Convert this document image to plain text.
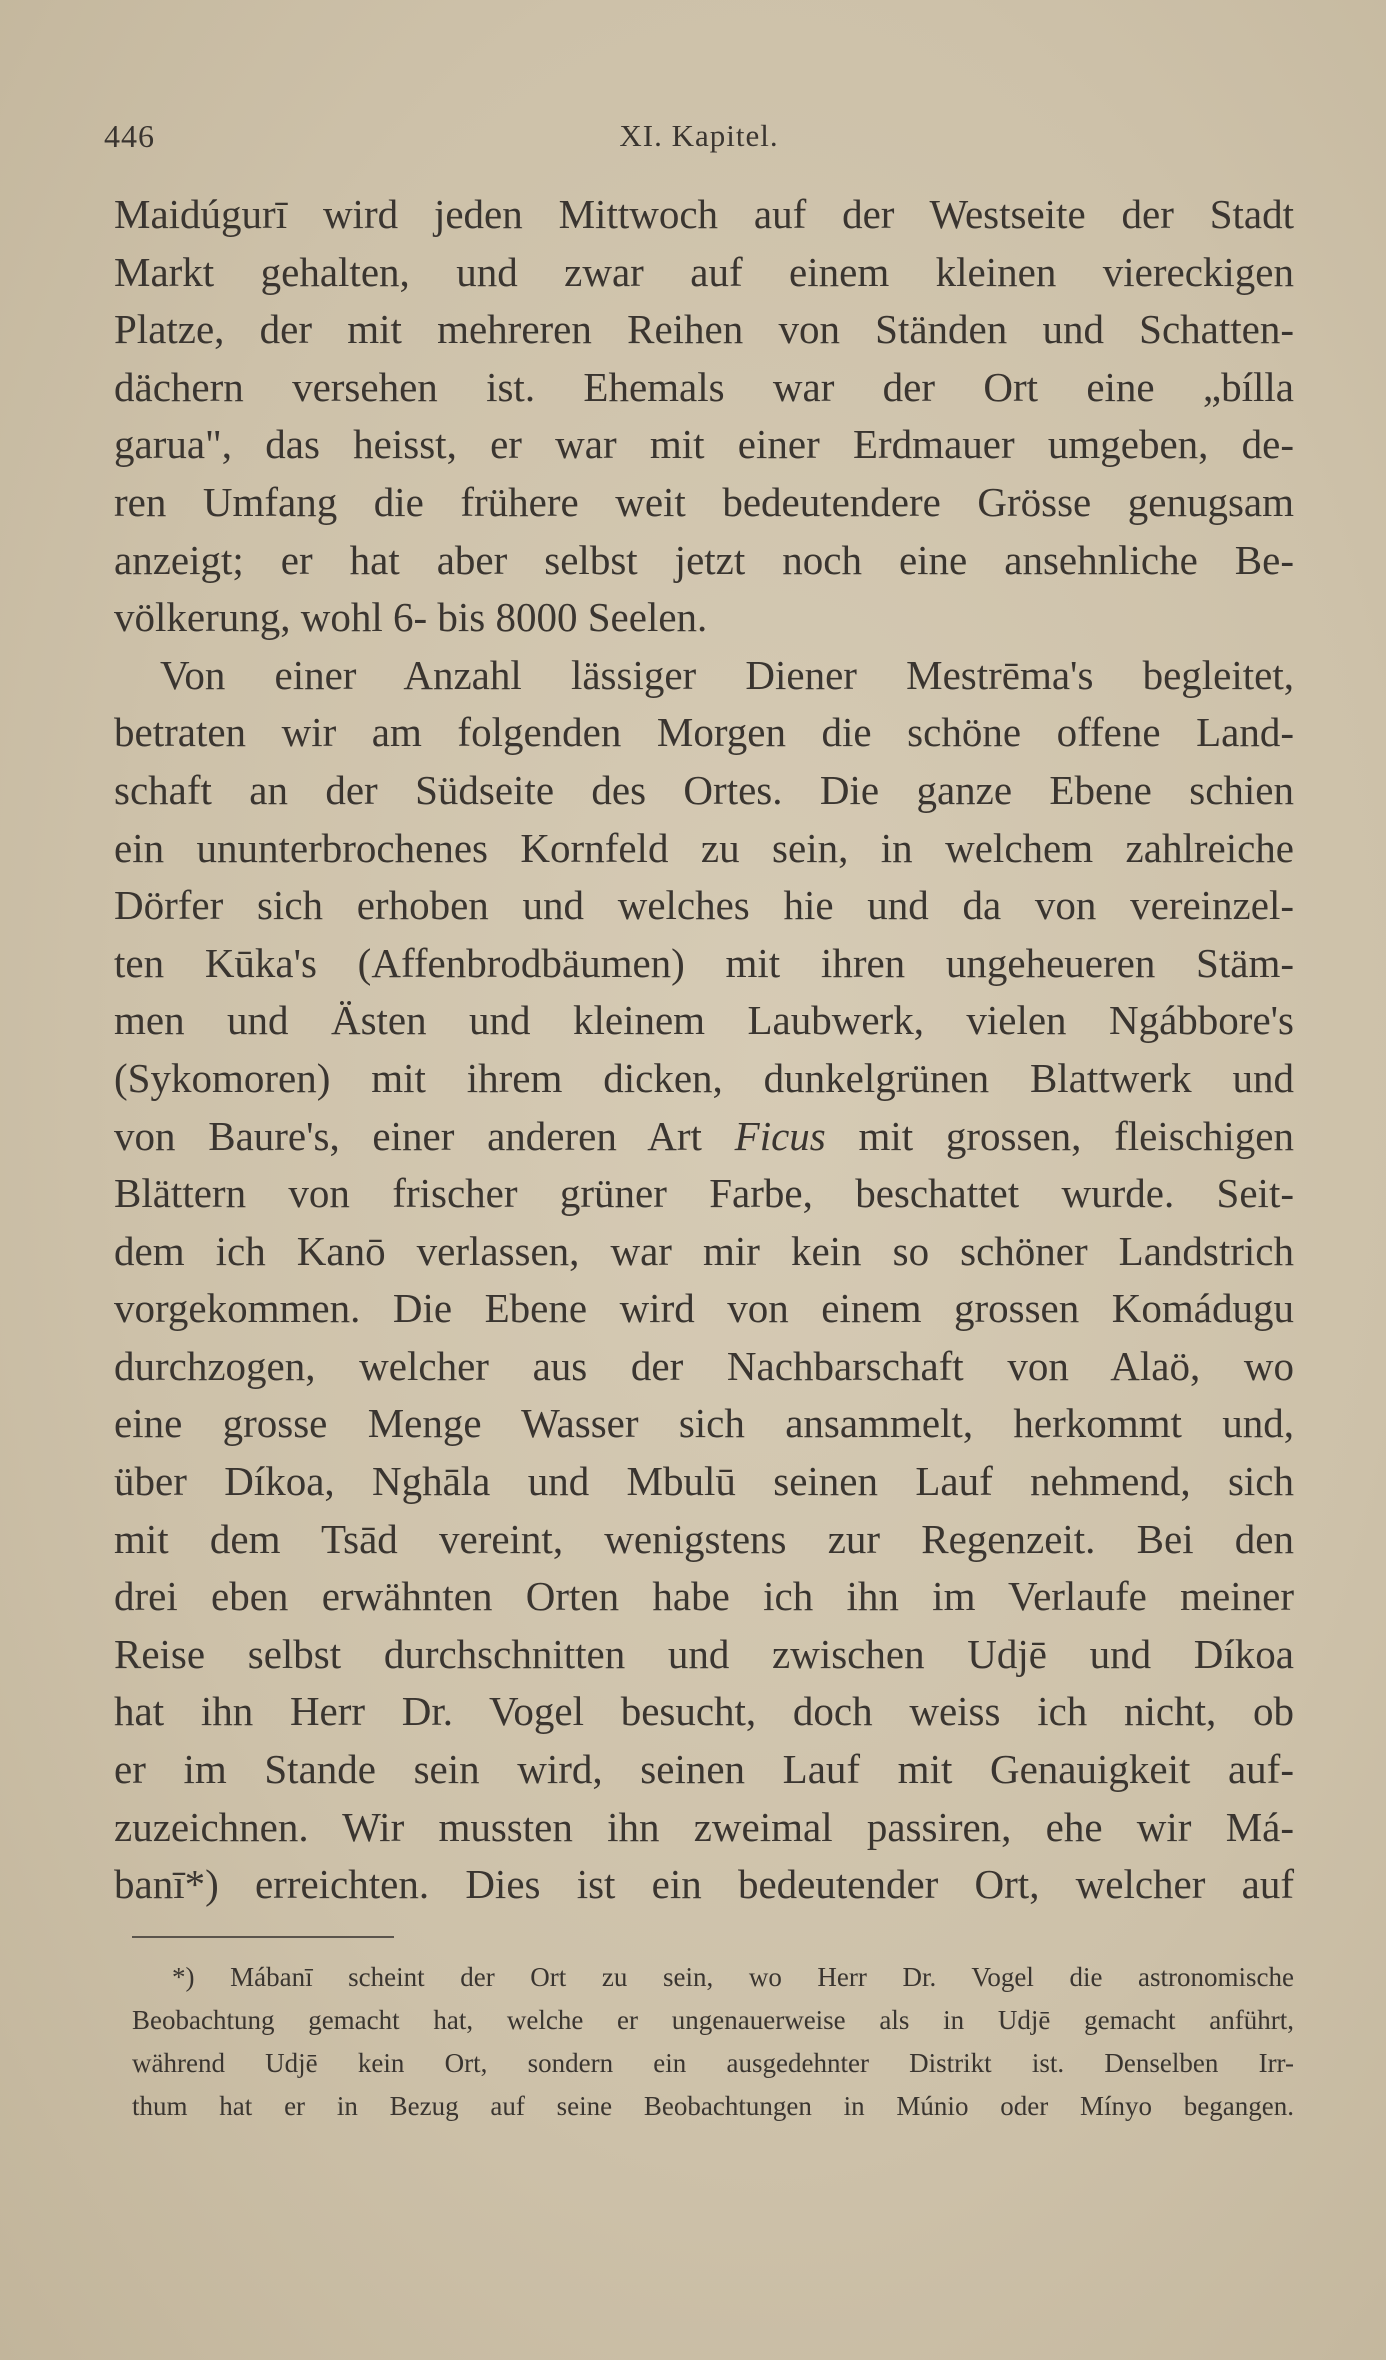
446	XI. Kapitel.
Maidúgurī wird jeden Mittwoch auf der Westseite der Stadt
Markt gehalten, und zwar auf einem kleinen viereckigen
Platze, der mit mehreren Reihen von Ständen und Schatten-
dächern versehen ist. Ehemals war der Ort eine „bílla
garua", das heisst, er war mit einer Erdmauer umgeben, de-
ren Umfang die frühere weit bedeutendere Grösse genugsam
anzeigt; er hat aber selbst jetzt noch eine ansehnliche Be-
völkerung, wohl 6- bis 8000 Seelen.
Von einer Anzahl lässiger Diener Mestrēma's begleitet,
betraten wir am folgenden Morgen die schöne offene Land-
schaft an der Südseite des Ortes. Die ganze Ebene schien
ein ununterbrochenes Kornfeld zu sein, in welchem zahlreiche
Dörfer sich erhoben und welches hie und da von vereinzel-
ten Kūka's (Affenbrodbäumen) mit ihren ungeheueren Stäm-
men und Ästen und kleinem Laubwerk, vielen Ngábbore's
(Sykomoren) mit ihrem dicken, dunkelgrünen Blattwerk und
von Baure's, einer anderen Art Ficus mit grossen, fleischigen
Blättern von frischer grüner Farbe, beschattet wurde. Seit-
dem ich Kanō verlassen, war mir kein so schöner Landstrich
vorgekommen. Die Ebene wird von einem grossen Komádugu
durchzogen, welcher aus der Nachbarschaft von Alaö, wo
eine grosse Menge Wasser sich ansammelt, herkommt und,
über Díkoa, Nghāla und Mbulū seinen Lauf nehmend, sich
mit dem Tsād vereint, wenigstens zur Regenzeit. Bei den
drei eben erwähnten Orten habe ich ihn im Verlaufe meiner
Reise selbst durchschnitten und zwischen Udjē und Díkoa
hat ihn Herr Dr. Vogel besucht, doch weiss ich nicht, ob
er im Stande sein wird, seinen Lauf mit Genauigkeit auf-
zuzeichnen. Wir mussten ihn zweimal passiren, ehe wir Má-
banī*) erreichten. Dies ist ein bedeutender Ort, welcher auf
*) Mábanī scheint der Ort zu sein, wo Herr Dr. Vogel die astronomische
Beobachtung gemacht hat, welche er ungenauerweise als in Udjē gemacht anführt,
während Udjē kein Ort, sondern ein ausgedehnter Distrikt ist. Denselben Irr-
thum hat er in Bezug auf seine Beobachtungen in Múnio oder Mínyo begangen.
